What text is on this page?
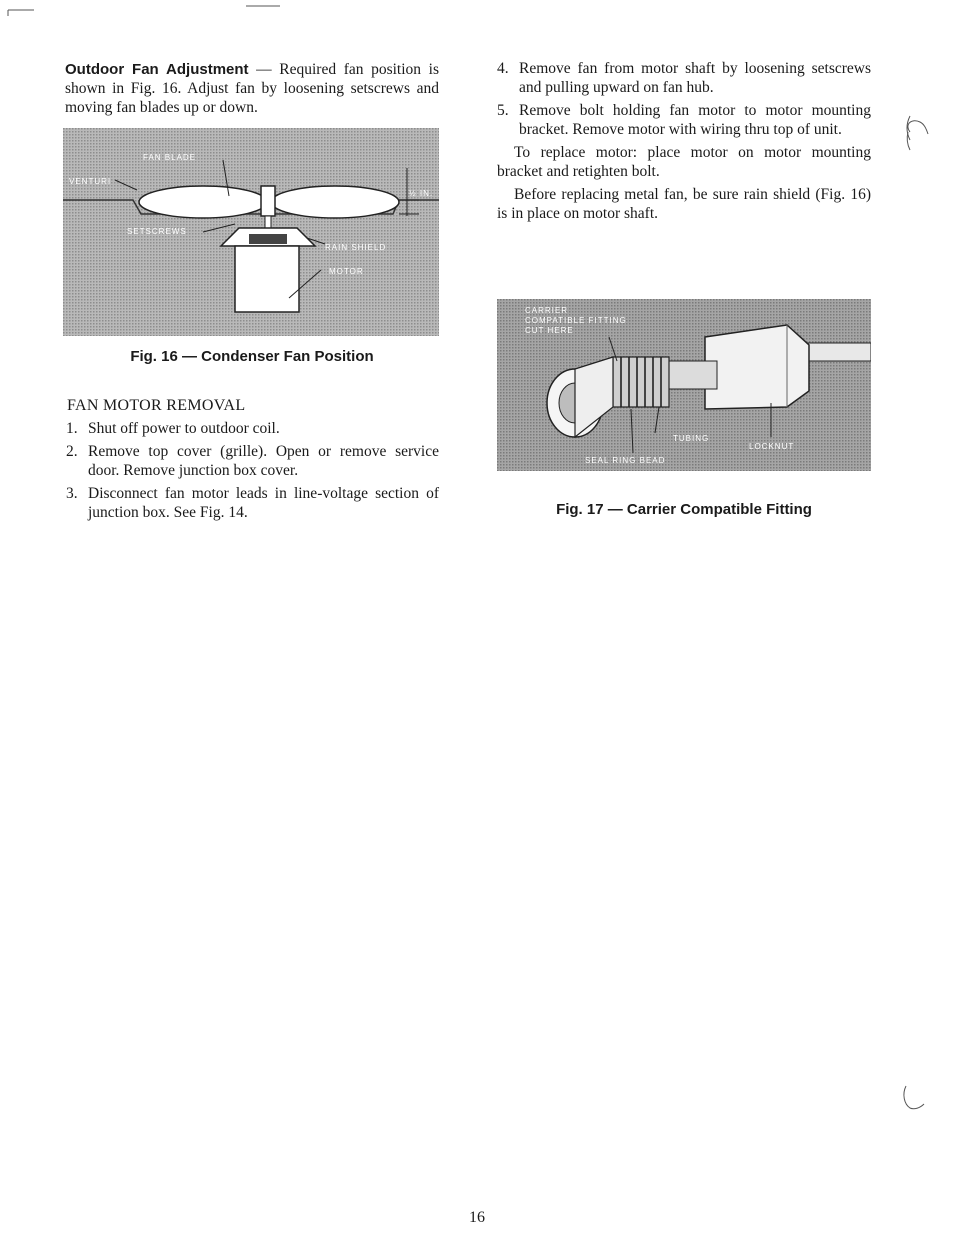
Outdoor Fan Adjustment — Required fan position is shown in Fig. 16. Adjust fan by loosening setscrews and moving fan blades up or down.
FAN BLADE
VENTURI
SETSCREWS
RAIN SHIELD
MOTOR
½ IN.
Fig. 16 — Condenser Fan Position
FAN MOTOR REMOVAL
1. Shut off power to outdoor coil.
2. Remove top cover (grille). Open or remove service door. Remove junction box cover.
3. Disconnect fan motor leads in line-voltage section of junction box. See Fig. 14.
4. Remove fan from motor shaft by loosening setscrews and pulling upward on fan hub.
5. Remove bolt holding fan motor to motor mounting bracket. Remove motor with wiring thru top of unit.
To replace motor: place motor on motor mounting bracket and retighten bolt.
Before replacing metal fan, be sure rain shield (Fig. 16) is in place on motor shaft.
CARRIER
COMPATIBLE FITTING
CUT HERE
TUBING
LOCKNUT
SEAL RING BEAD
Fig. 17 — Carrier Compatible Fitting
16
